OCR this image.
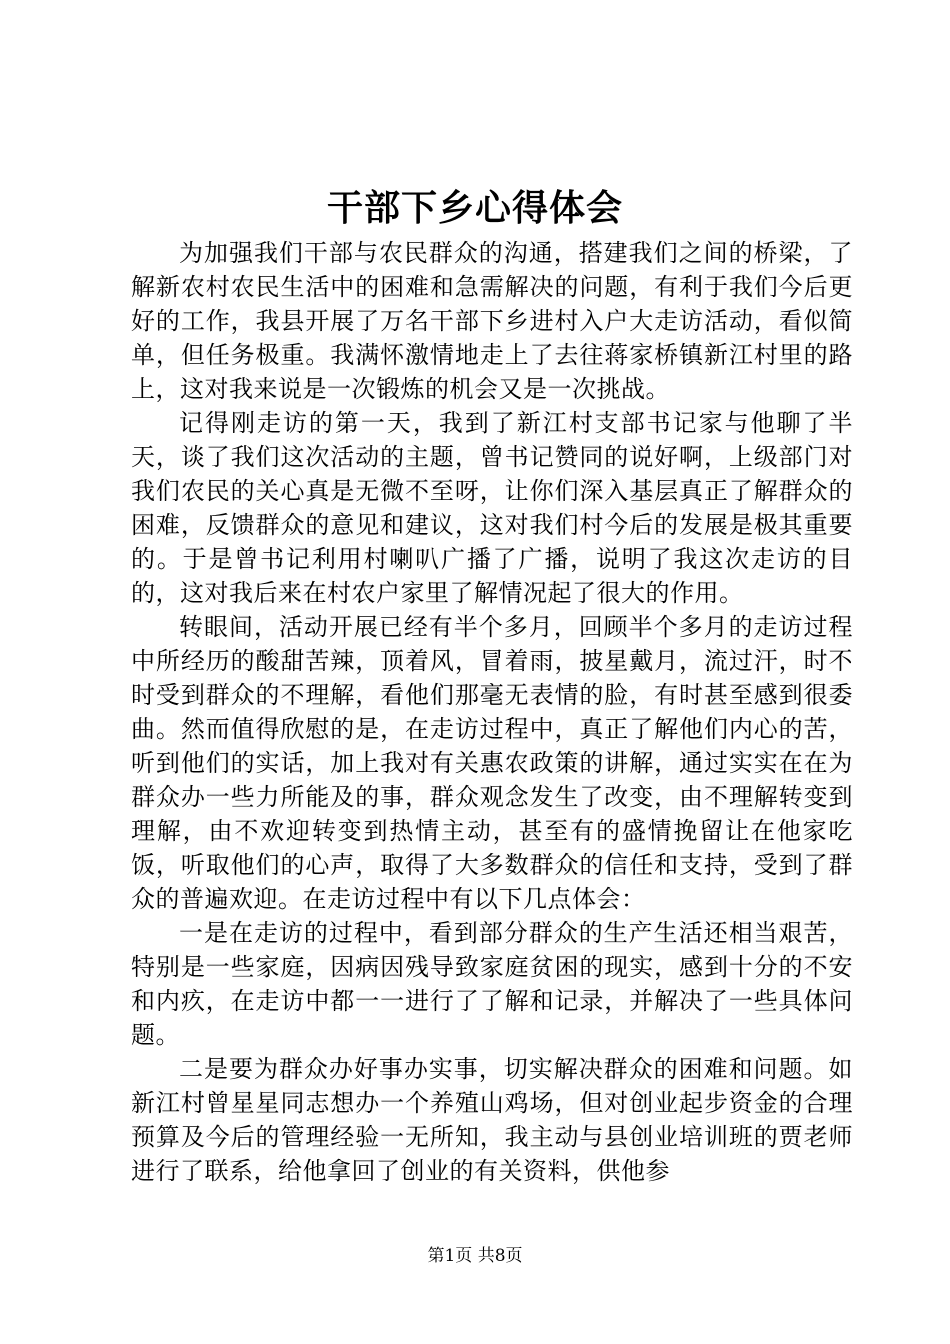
干部下乡心得体会

为加强我们干部与农民群众的沟通，搭建我们之间的桥梁，了解新农村农民生活中的困难和急需解决的问题，有利于我们今后更好的工作，我县开展了万名干部下乡进村入户大走访活动，看似简单，但任务极重。我满怀激情地走上了去往蒋家桥镇新江村里的路上，这对我来说是一次锻炼的机会又是一次挑战。

记得刚走访的第一天，我到了新江村支部书记家与他聊了半天，谈了我们这次活动的主题，曾书记赞同的说好啊，上级部门对我们农民的关心真是无微不至呀，让你们深入基层真正了解群众的困难，反馈群众的意见和建议，这对我们村今后的发展是极其重要的。于是曾书记利用村喇叭广播了广播，说明了我这次走访的目的，这对我后来在村农户家里了解情况起了很大的作用。

转眼间，活动开展已经有半个多月，回顾半个多月的走访过程中所经历的酸甜苦辣，顶着风，冒着雨，披星戴月，流过汗，时不时受到群众的不理解，看他们那毫无表情的脸，有时甚至感到很委曲。然而值得欣慰的是，在走访过程中，真正了解他们内心的苦，听到他们的实话，加上我对有关惠农政策的讲解，通过实实在在为群众办一些力所能及的事，群众观念发生了改变，由不理解转变到理解，由不欢迎转变到热情主动，甚至有的盛情挽留让在他家吃饭，听取他们的心声，取得了大多数群众的信任和支持，受到了群众的普遍欢迎。在走访过程中有以下几点体会：

一是在走访的过程中，看到部分群众的生产生活还相当艰苦，特别是一些家庭，因病因残导致家庭贫困的现实，感到十分的不安和内疚，在走访中都一一进行了了解和记录，并解决了一些具体问题。

二是要为群众办好事办实事，切实解决群众的困难和问题。如新江村曾星星同志想办一个养殖山鸡场，但对创业起步资金的合理预算及今后的管理经验一无所知，我主动与县创业培训班的贾老师进行了联系，给他拿回了创业的有关资料，供他参

第1页 共8页
